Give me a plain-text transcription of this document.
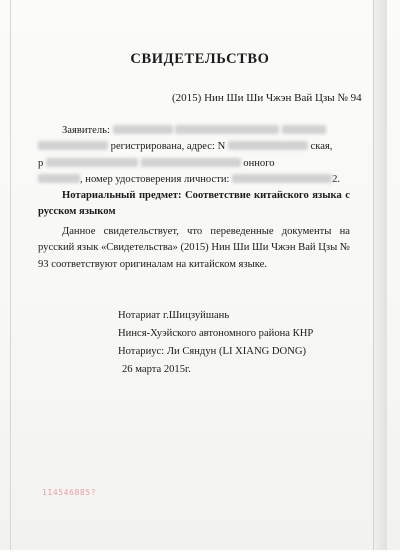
СВИДЕТЕЛЬСТВО
(2015) Нин Ши Ши Чжэн Вай Цзы № 94
Заявитель:
регистрирована, адрес: N	ская,
р	онного
, номер удостоверения личности:	2.
Нотариальный предмет: Соответствие китайского языка с русском языком
Данное свидетельствует, что переведенные документы на русский язык «Свидетельства» (2015) Нин Ши Ши Чжэн Вай Цзы № 93 соответствуют оригиналам на китайском языке.
Нотариат г.Шицзуйшань
Нинся-Хуэйского автономного района КНР
Нотариус: Ли Сяндун (LI XIANG DONG)
26 марта 2015г.
114546885?
